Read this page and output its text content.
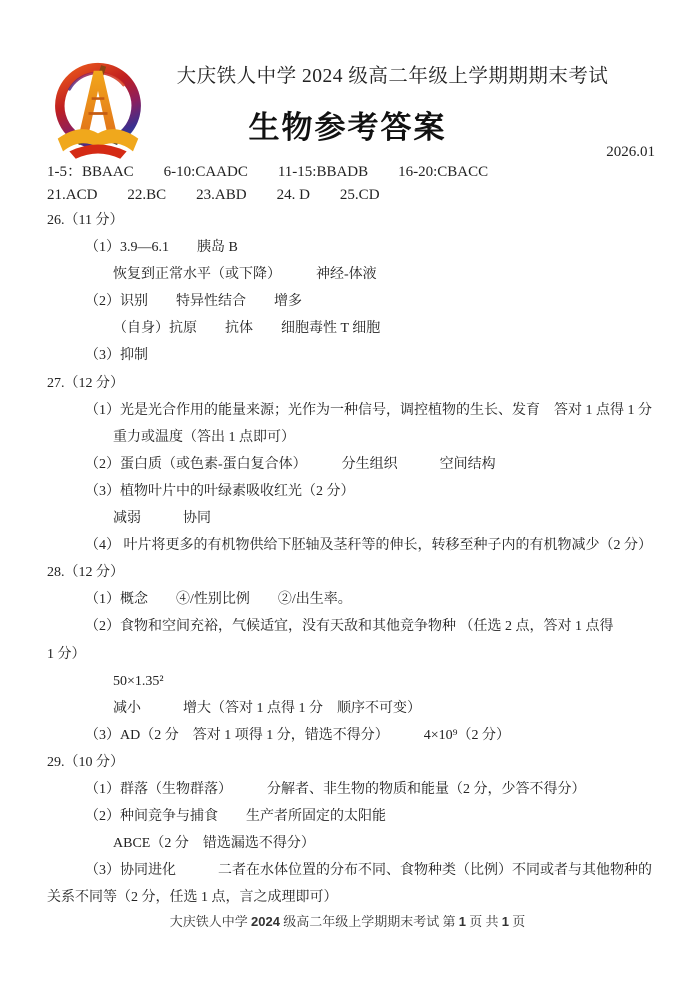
大庆铁人中学 2024 级高二年级上学期期期末考试
生物参考答案
2026.01
1-5：BBAAC　　6-10:CAADC　　11-15:BBADB　　16-20:CBACC
21.ACD　　22.BC　　23.ABD　　24. D　　25.CD
26.（11 分）
（1）3.9—6.1　　胰岛 B
恢复到正常水平（或下降）　　　神经-体液
（2）识别　　特异性结合　　增多
（自身）抗原　　抗体　　细胞毒性 T 细胞
（3）抑制
27.（12 分）
（1）光是光合作用的能量来源；光作为一种信号，调控植物的生长、发育　答对 1 点得 1 分
重力或温度（答出 1 点即可）
（2）蛋白质（或色素-蛋白复合体）　　　分生组织　　　空间结构
（3）植物叶片中的叶绿素吸收红光（2 分）
减弱　　　协同
（4） 叶片将更多的有机物供给下胚轴及茎秆等的伸长，转移至种子内的有机物减少（2 分）
28.（12 分）
（1）概念　　④/性别比例　　②/出生率。
（2）食物和空间充裕，气候适宜，没有天敌和其他竞争物种 （任选 2 点，答对 1 点得
1 分）
50×1.35²
减小　　　增大（答对 1 点得 1 分　顺序不可变）
（3）AD（2 分　答对 1 项得 1 分，错选不得分）　　　4×10⁹（2 分）
29.（10 分）
（1）群落（生物群落）　　　分解者、非生物的物质和能量（2 分，少答不得分）
（2）种间竞争与捕食　　生产者所固定的太阳能
ABCE（2 分　错选漏选不得分）
（3）协同进化　　　二者在水体位置的分布不同、食物种类（比例）不同或者与其他物种的
关系不同等（2 分，任选 1 点，言之成理即可）
大庆铁人中学 2024 级高二年级上学期期末考试 第 1 页 共 1 页
